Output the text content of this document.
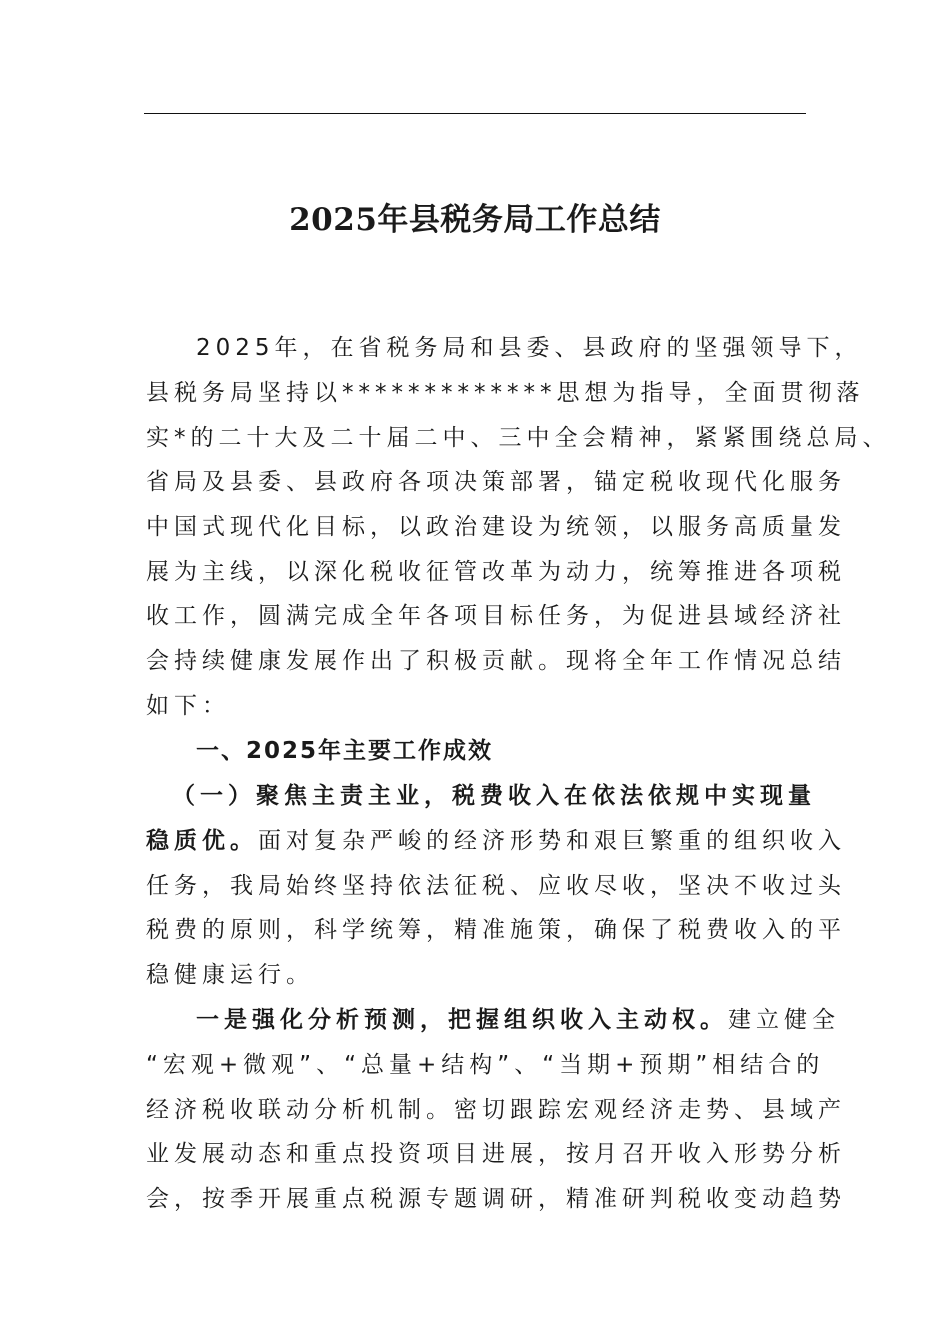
2025年县税务局工作总结

2025年，在省税务局和县委、县政府的坚强领导下，

县税务局坚持以*************思想为指导，全面贯彻落

实*的二十大及二十届二中、三中全会精神，紧紧围绕总局、

省局及县委、县政府各项决策部署，锚定税收现代化服务

中国式现代化目标，以政治建设为统领，以服务高质量发

展为主线，以深化税收征管改革为动力，统筹推进各项税

收工作，圆满完成全年各项目标任务，为促进县域经济社

会持续健康发展作出了积极贡献。现将全年工作情况总结

如下：

一、2025年主要工作成效

（一）聚焦主责主业，税费收入在依法依规中实现量

稳质优。面对复杂严峻的经济形势和艰巨繁重的组织收入

任务，我局始终坚持依法征税、应收尽收，坚决不收过头

税费的原则，科学统筹，精准施策，确保了税费收入的平

稳健康运行。

一是强化分析预测，把握组织收入主动权。建立健全

“宏观+微观”、“总量+结构”、“当期+预期”相结合的

经济税收联动分析机制。密切跟踪宏观经济走势、县域产

业发展动态和重点投资项目进展，按月召开收入形势分析

会，按季开展重点税源专题调研，精准研判税收变动趋势
